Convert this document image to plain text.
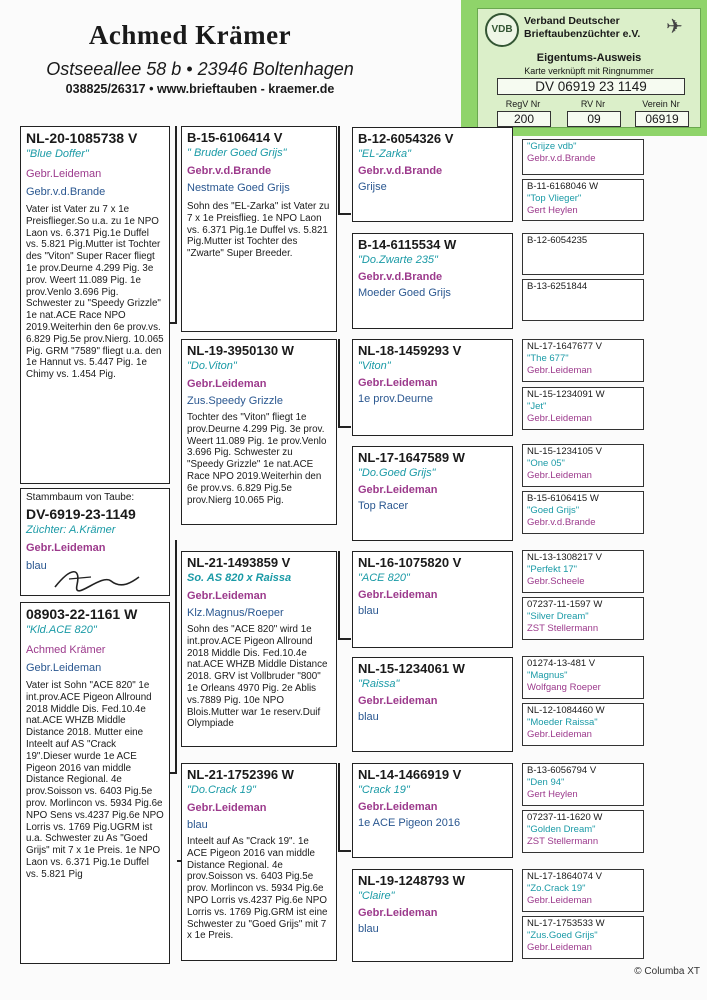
Achmed Krämer
Ostseeallee 58 b • 23946 Boltenhagen
038825/26317 • www.brieftauben - kraemer.de
VDB	✈
Verband Deutscher
Brieftaubenzüchter e.V.
Eigentums-Ausweis
Karte verknüpft mit Ringnummer
DV 06919 23 1149
RegV Nr	RV Nr	Verein Nr
200	09	06919
NL-20-1085738 V
"Blue Doffer"
Gebr.Leideman
Gebr.v.d.Brande
Vater ist Vater zu 7 x 1e Preisflieger.So u.a. zu 1e NPO Laon vs. 6.371 Pig.1e Duffel vs. 5.821 Pig.Mutter ist Tochter des "Viton" Super Racer fliegt 1e prov.Deurne 4.299 Pig. 3e prov. Weert 11.089 Pig. 1e prov.Venlo 3.696 Pig. Schwester zu "Speedy Grizzle" 1e nat.ACE Race NPO 2019.Weiterhin den 6e prov.vs. 6.829 Pig.5e prov.Nierg. 10.065 Pig. GRM "7589" fliegt u.a. den 1e Hannut vs. 5.447 Pig. 1e Chimy vs. 1.454 Pig.
Stammbaum von Taube:
DV-6919-23-1149
Züchter: A.Krämer
Gebr.Leideman
blau
08903-22-1161 W
"Kld.ACE 820"
Achmed Krämer
Gebr.Leideman
Vater ist Sohn "ACE 820" 1e int.prov.ACE Pigeon Allround 2018 Middle Dis. Fed.10.4e nat.ACE WHZB Middle Distance 2018. Mutter eine Inteelt auf AS "Crack 19".Dieser wurde 1e ACE Pigeon 2016 van middle Distance Regional. 4e prov.Soisson vs. 6403 Pig.5e prov. Morlincon vs. 5934 Pig.6e NPO Sens vs.4237 Pig.6e NPO Lorris vs. 1769 Pig.UGRM ist u.a. Schwester zu As "Goed Grijs" mit 7 x 1e Preis. 1e NPO Laon vs. 6.371 Pig.1e Duffel vs. 5.821 Pig
B-15-6106414 V
" Bruder Goed Grijs"
Gebr.v.d.Brande
Nestmate Goed Grijs
Sohn des "EL-Zarka" ist Vater zu 7 x 1e Preisflieg. 1e NPO Laon vs. 6.371 Pig.1e Duffel vs. 5.821 Pig.Mutter ist Tochter des "Zwarte" Super Breeder.
NL-19-3950130 W
"Do.Viton"
Gebr.Leideman
Zus.Speedy Grizzle
Tochter des "Viton" fliegt 1e prov.Deurne 4.299 Pig. 3e prov. Weert 11.089 Pig. 1e prov.Venlo 3.696 Pig. Schwester zu "Speedy Grizzle" 1e nat.ACE Race NPO 2019.Weiterhin den 6e prov.vs. 6.829 Pig.5e prov.Nierg 10.065 Pig.
NL-21-1493859 V
So. AS 820 x Raissa
Gebr.Leideman
Klz.Magnus/Roeper
Sohn des "ACE 820" wird 1e int.prov.ACE Pigeon Allround 2018 Middle Dis. Fed.10.4e nat.ACE WHZB Middle Distance 2018. GRV ist Vollbruder "800" 1e Orleans 4970 Pig. 2e Ablis vs.7889 Pig. 10e NPO Blois.Mutter war 1e reserv.Duif Olympiade
NL-21-1752396 W
"Do.Crack 19"
Gebr.Leideman
blau
Inteelt auf As "Crack 19". 1e ACE Pigeon 2016 van middle Distance Regional. 4e prov.Soisson vs. 6403 Pig.5e prov. Morlincon vs. 5934 Pig.6e NPO Lorris vs.4237 Pig.6e NPO Lorris vs. 1769 Pig.GRM ist eine Schwester zu "Goed Grijs" mit 7 x 1e Preis.
B-12-6054326 V
"EL-Zarka"
Gebr.v.d.Brande
Grijse
B-14-6115534 W
"Do.Zwarte 235"
Gebr.v.d.Brande
Moeder Goed Grijs
NL-18-1459293 V
"Viton"
Gebr.Leideman
1e prov.Deurne
NL-17-1647589 W
"Do.Goed Grijs"
Gebr.Leideman
Top Racer
NL-16-1075820 V
"ACE 820"
Gebr.Leideman
blau
NL-15-1234061 W
"Raissa"
Gebr.Leideman
blau
NL-14-1466919 V
"Crack 19"
Gebr.Leideman
1e ACE Pigeon 2016
NL-19-1248793 W
"Claire"
Gebr.Leideman
blau
"Grijze vdb"
Gebr.v.d.Brande
B-11-6168046 W
"Top Vlieger"
Gert Heylen
B-12-6054235
B-13-6251844
NL-17-1647677 V
"The 677"
Gebr.Leideman
NL-15-1234091 W
"Jet"
Gebr.Leideman
NL-15-1234105 V
"One 05"
Gebr.Leideman
B-15-6106415 W
"Goed Grijs"
Gebr.v.d.Brande
NL-13-1308217 V
"Perfekt 17"
Gebr.Scheele
07237-11-1597 W
"Silver Dream"
ZST Stellermann
01274-13-481 V
"Magnus"
Wolfgang Roeper
NL-12-1084460 W
"Moeder Raissa"
Gebr.Leideman
B-13-6056794 V
"Den 94"
Gert Heylen
07237-11-1620 W
"Golden Dream"
ZST Stellermann
NL-17-1864074 V
"Zo.Crack 19"
Gebr.Leideman
NL-17-1753533 W
"Zus.Goed Grijs"
Gebr.Leideman
© Columba XT
